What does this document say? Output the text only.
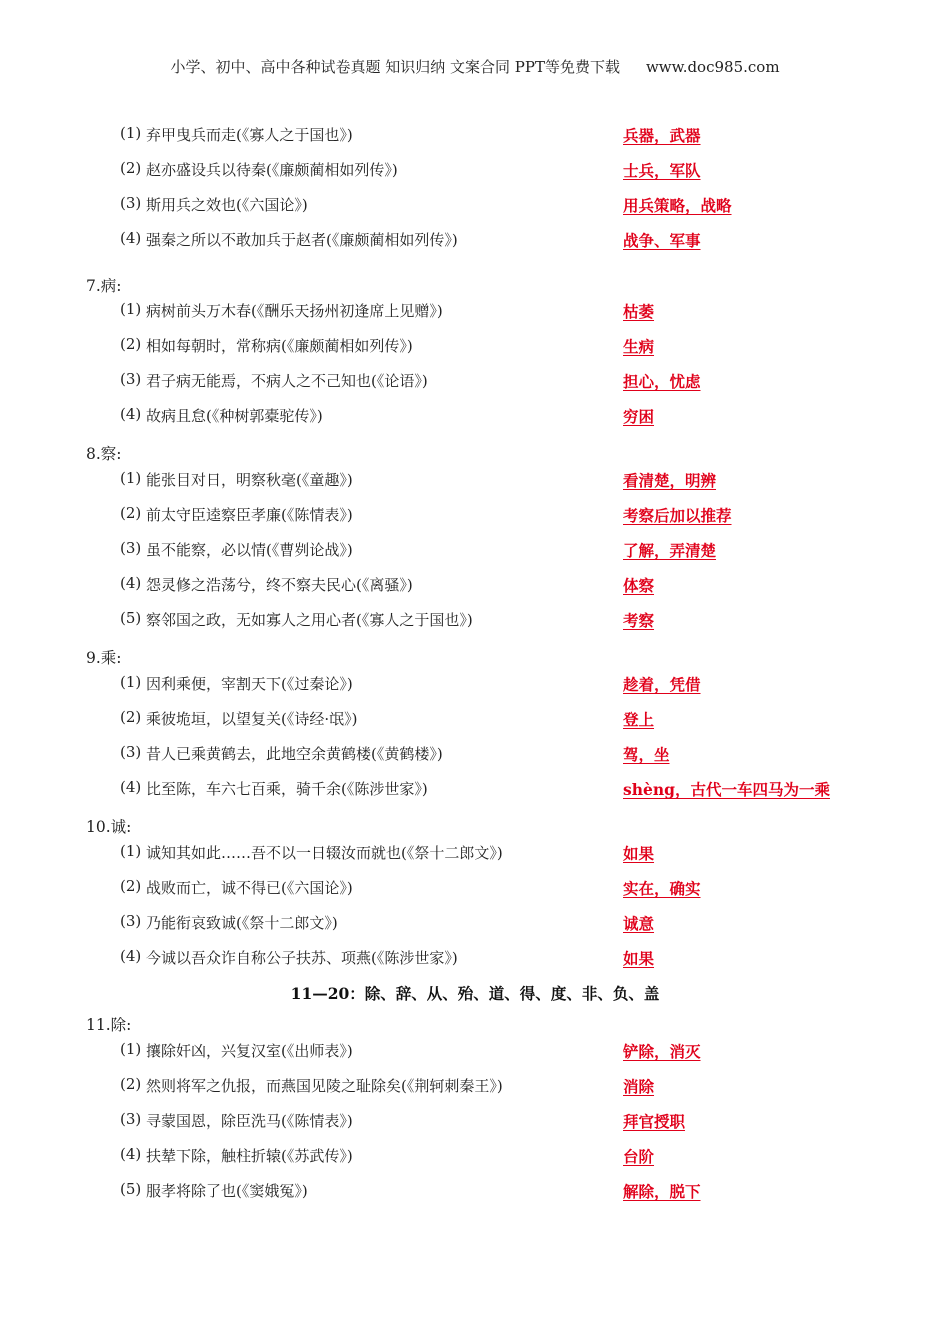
小学、初中、高中各种试卷真题 知识归纳 文案合同 PPT等免费下载 www.doc985.com
(1) 弃甲曳兵而走(《寡人之于国也》)	兵器，武器
(2) 赵亦盛设兵以待秦(《廉颇蔺相如列传》)	士兵，军队
(3) 斯用兵之效也(《六国论》)	用兵策略，战略
(4) 强秦之所以不敢加兵于赵者(《廉颇蔺相如列传》)	战争、军事
7.病:
(1) 病树前头万木春(《酬乐天扬州初逢席上见赠》)	枯萎
(2) 相如每朝时，常称病(《廉颇蔺相如列传》)	生病
(3) 君子病无能焉，不病人之不己知也(《论语》)	担心，忧虑
(4) 故病且怠(《种树郭橐驼传》)	穷困
8.察:
(1) 能张目对日，明察秋毫(《童趣》)	看清楚，明辨
(2) 前太守臣逵察臣孝廉(《陈情表》)	考察后加以推荐
(3) 虽不能察，必以情(《曹刿论战》)	了解，弄清楚
(4) 怨灵修之浩荡兮，终不察夫民心(《离骚》)	体察
(5) 察邻国之政，无如寡人之用心者(《寡人之于国也》)	考察
9.乘:
(1) 因利乘便，宰割天下(《过秦论》)	趁着，凭借
(2) 乘彼垝垣，以望复关(《诗经·氓》)	登上
(3) 昔人已乘黄鹤去，此地空余黄鹤楼(《黄鹤楼》)	驾，坐
(4) 比至陈，车六七百乘，骑千余(《陈涉世家》)	shèng，古代一车四马为一乘
10.诚:
(1) 诚知其如此……吾不以一日辍汝而就也(《祭十二郎文》)	如果
(2) 战败而亡，诚不得已(《六国论》)	实在，确实
(3) 乃能衔哀致诚(《祭十二郎文》)	诚意
(4) 今诚以吾众诈自称公子扶苏、项燕(《陈涉世家》)	如果
11—20：除、辞、从、殆、道、得、度、非、负、盖
11.除:
(1) 攘除奸凶，兴复汉室(《出师表》)	铲除，消灭
(2) 然则将军之仇报，而燕国见陵之耻除矣(《荆轲刺秦王》)	消除
(3) 寻蒙国恩，除臣洗马(《陈情表》)	拜官授职
(4) 扶辇下除，触柱折辕(《苏武传》)	台阶
(5) 服孝将除了也(《窦娥冤》)	解除，脱下
